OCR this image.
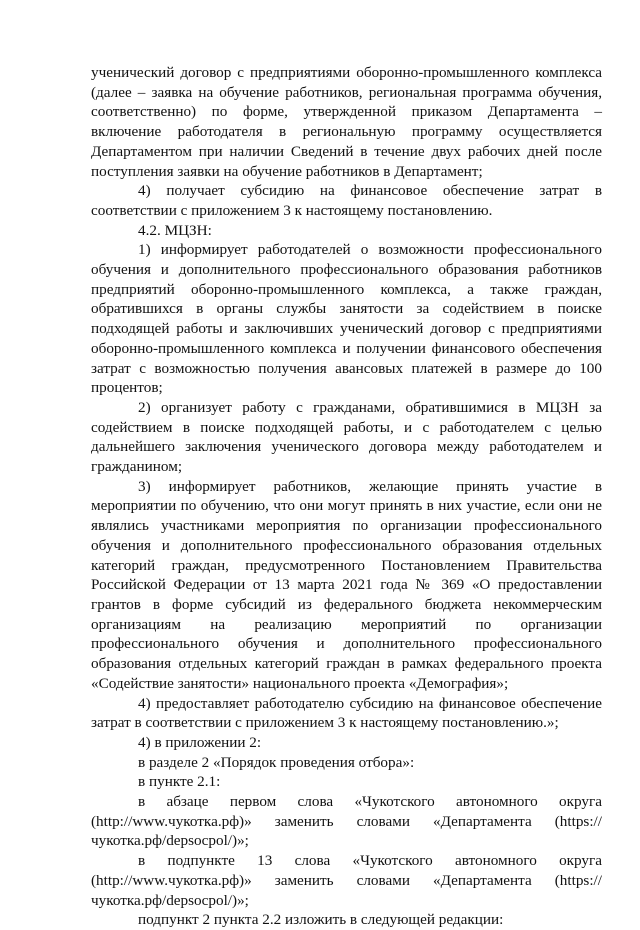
ученический договор с предприятиями оборонно-промышленного комплекса (далее – заявка на обучение работников, региональная программа обучения, соответственно) по форме, утвержденной приказом Департамента – включение работодателя в региональную программу осуществляется Департаментом при наличии Сведений в течение двух рабочих дней после поступления заявки на обучение работников в Департамент;

4) получает субсидию на финансовое обеспечение затрат в соответствии с приложением 3 к настоящему постановлению.

4.2. МЦЗН:

1) информирует работодателей о возможности профессионального обучения и дополнительного профессионального образования работников предприятий оборонно-промышленного комплекса, а также граждан, обратившихся в органы службы занятости за содействием в поиске подходящей работы и заключивших ученический договор с предприятиями оборонно-промышленного комплекса и получении финансового обеспечения затрат с возможностью получения авансовых платежей в размере до 100 процентов;

2) организует работу с гражданами, обратившимися в МЦЗН за содействием в поиске подходящей работы, и с работодателем с целью дальнейшего заключения ученического договора между работодателем и гражданином;

3) информирует работников, желающие принять участие в мероприятии по обучению, что они могут принять в них участие, если они не являлись участниками мероприятия по организации профессионального обучения и дополнительного профессионального образования отдельных категорий граждан, предусмотренного Постановлением Правительства Российской Федерации от 13 марта 2021 года № 369 «О предоставлении грантов в форме субсидий из федерального бюджета некоммерческим организациям на реализацию мероприятий по организации профессионального обучения и дополнительного профессионального образования отдельных категорий граждан в рамках федерального проекта «Содействие занятости» национального проекта «Демография»;

4) предоставляет работодателю субсидию на финансовое обеспечение затрат в соответствии с приложением 3 к настоящему постановлению.»;

4) в приложении 2:

в разделе 2 «Порядок проведения отбора»:

в пункте 2.1:

в абзаце первом слова «Чукотского автономного округа (http://www.чукотка.рф)» заменить словами «Департамента (https://чукотка.рф/depsocpol/)»;

в подпункте 13 слова «Чукотского автономного округа (http://www.чукотка.рф)» заменить словами «Департамента (https://чукотка.рф/depsocpol/)»;

подпункт 2 пункта 2.2 изложить в следующей редакции:
